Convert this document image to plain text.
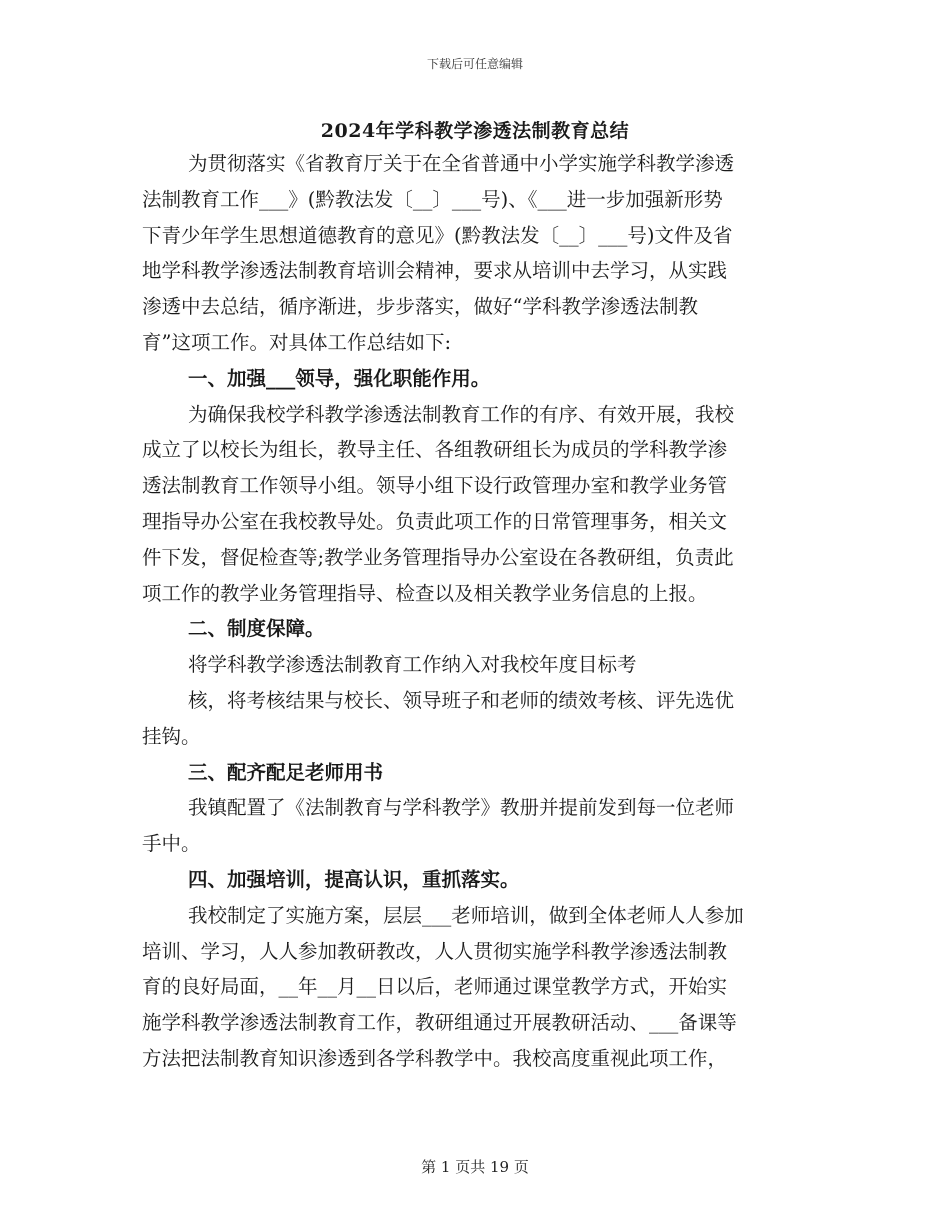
下载后可任意编辑
2024年学科教学渗透法制教育总结
为贯彻落实《省教育厅关于在全省普通中小学实施学科教学渗透
法制教育工作___》(黔教法发〔__〕___号)、《___进一步加强新形势
下青少年学生思想道德教育的意见》(黔教法发〔__〕___号)文件及省
地学科教学渗透法制教育培训会精神，要求从培训中去学习，从实践
渗透中去总结，循序渐进，步步落实，做好“学科教学渗透法制教
育”这项工作。对具体工作总结如下:
一、加强___领导，强化职能作用。
为确保我校学科教学渗透法制教育工作的有序、有效开展，我校
成立了以校长为组长，教导主任、各组教研组长为成员的学科教学渗
透法制教育工作领导小组。领导小组下设行政管理办室和教学业务管
理指导办公室在我校教导处。负责此项工作的日常管理事务，相关文
件下发，督促检查等;教学业务管理指导办公室设在各教研组，负责此
项工作的教学业务管理指导、检查以及相关教学业务信息的上报。
二、制度保障。
将学科教学渗透法制教育工作纳入对我校年度目标考
核，将考核结果与校长、领导班子和老师的绩效考核、评先选优
挂钩。
三、配齐配足老师用书
我镇配置了《法制教育与学科教学》教册并提前发到每一位老师
手中。
四、加强培训，提高认识，重抓落实。
我校制定了实施方案，层层___老师培训，做到全体老师人人参加
培训、学习，人人参加教研教改，人人贯彻实施学科教学渗透法制教
育的良好局面，__年__月__日以后，老师通过课堂教学方式，开始实
施学科教学渗透法制教育工作，教研组通过开展教研活动、___备课等
方法把法制教育知识渗透到各学科教学中。我校高度重视此项工作，
第 1 页共 19 页
